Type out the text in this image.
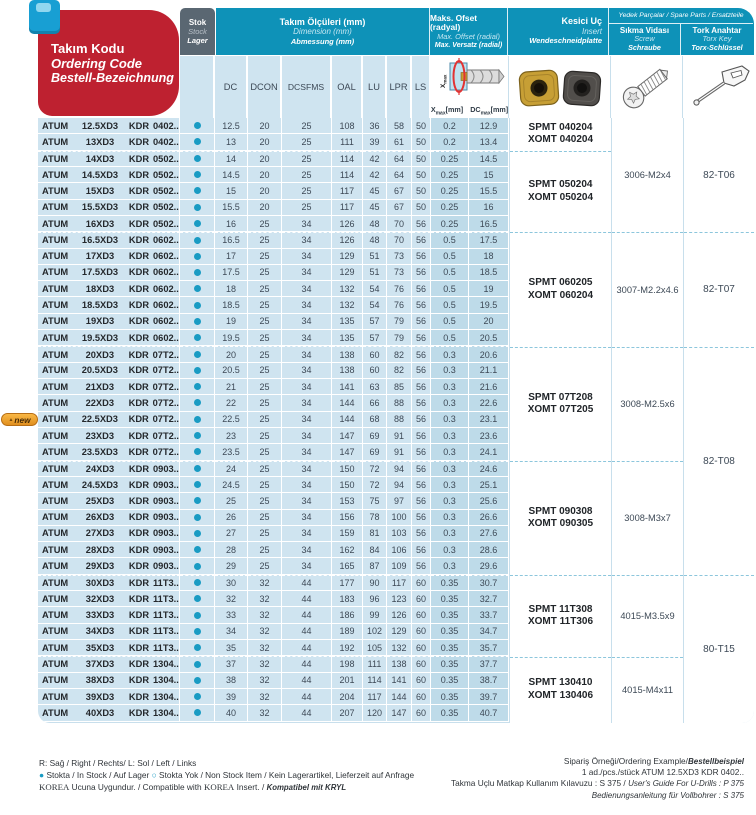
▲ new
Takım Kodu
Ordering Code
Bestell-Bezeichnung
Stok
Stock
Lager
Takım Ölçüleri (mm)
Dimension (mm)
Abmessung (mm)
Maks. Ofset (radyal)
Max. Offset (radial)
Max. Versatz (radial)
Kesici Uç
Insert
Wendeschneidplatte
Yedek Parçalar / Spare Parts / Ersatzteile
Sıkma Vidası
Screw
Schraube
Tork Anahtar
Torx Key
Torx-Schlüssel
DC	DCON	DCSFMS	OAL	LU	LPR LS	$X_{max}$
$X_{max}[mm]$ $DC_{max}[mm]$
ATUM	12.5XD3	KDR 0402..	12.5	20	25	108	36	58	50	0.2	12.9
ATUM	13XD3	KDR 0402..	13	20	25	111	39	61	50	0.2	13.4
ATUM	14XD3	KDR 0502..	14	20	25	114	42	64	50	0.25	14.5
ATUM	14.5XD3	KDR 0502..	14.5	20	25	114	42	64	50	0.25	15
ATUM	15XD3	KDR 0502..	15	20	25	117	45	67	50	0.25	15.5
ATUM	15.5XD3	KDR 0502..	15.5	20	25	117	45	67	50	0.25	16
ATUM	16XD3	KDR 0502..	16	25	34	126	48	70	56	0.25	16.5
ATUM	16.5XD3	KDR 0602..	16.5	25	34	126	48	70	56	0.5	17.5
ATUM	17XD3	KDR 0602..	17	25	34	129	51	73	56	0.5	18
ATUM	17.5XD3	KDR 0602..	17.5	25	34	129	51	73	56	0.5	18.5
ATUM	18XD3	KDR 0602..	18	25	34	132	54	76	56	0.5	19
ATUM	18.5XD3	KDR 0602..	18.5	25	34	132	54	76	56	0.5	19.5
ATUM	19XD3	KDR 0602..	19	25	34	135	57	79	56	0.5	20
ATUM	19.5XD3	KDR 0602..	19.5	25	34	135	57	79	56	0.5	20.5
ATUM	20XD3	KDR 07T2..	20	25	34	138	60	82	56	0.3	20.6
ATUM	20.5XD3	KDR 07T2..	20.5	25	34	138	60	82	56	0.3	21.1
ATUM	21XD3	KDR 07T2..	21	25	34	141	63	85	56	0.3	21.6
ATUM	22XD3	KDR 07T2..	22	25	34	144	66	88	56	0.3	22.6
ATUM	22.5XD3	KDR 07T2..	22.5	25	34	144	68	88	56	0.3	23.1
ATUM	23XD3	KDR 07T2..	23	25	34	147	69	91	56	0.3	23.6
ATUM	23.5XD3	KDR 07T2..	23.5	25	34	147	69	91	56	0.3	24.1
ATUM	24XD3	KDR 0903..	24	25	34	150	72	94	56	0.3	24.6
ATUM	24.5XD3	KDR 0903..	24.5	25	34	150	72	94	56	0.3	25.1
ATUM	25XD3	KDR 0903..	25	25	34	153	75	97	56	0.3	25.6
ATUM	26XD3	KDR 0903..	26	25	34	156	78	100	56	0.3	26.6
ATUM	27XD3	KDR 0903..	27	25	34	159	81	103	56	0.3	27.6
ATUM	28XD3	KDR 0903..	28	25	34	162	84	106	56	0.3	28.6
ATUM	29XD3	KDR 0903..	29	25	34	165	87	109	56	0.3	29.6
ATUM	30XD3	KDR 11T3..	30	32	44	177	90	117	60	0.35	30.7
ATUM	32XD3	KDR 11T3..	32	32	44	183	96	123	60	0.35	32.7
ATUM	33XD3	KDR 11T3..	33	32	44	186	99	126	60	0.35	33.7
ATUM	34XD3	KDR 11T3..	34	32	44	189	102	129	60	0.35	34.7
ATUM	35XD3	KDR 11T3..	35	32	44	192	105	132	60	0.35	35.7
ATUM	37XD3	KDR 1304..	37	32	44	198	111	138	60	0.35	37.7
ATUM	38XD3	KDR 1304..	38	32	44	201	114	141	60	0.35	38.7
ATUM	39XD3	KDR 1304..	39	32	44	204	117	144	60	0.35	39.7
ATUM	40XD3	KDR 1304..	40	32	44	207	120	147	60	0.35	40.7
SPMT 040204
XOMT 040204
SPMT 050204
XOMT 050204
SPMT 060205
XOMT 060204
SPMT 07T208
XOMT 07T205
SPMT 090308
XOMT 090305
SPMT 11T308
XOMT 11T306
SPMT 130410
XOMT 130406
3006-M2x4
3007-M2.2x4.6
3008-M2.5x6
3008-M3x7
4015-M3.5x9
4015-M4x11
82-T06
82-T07
82-T08
80-T15
R: Sağ / Right / Rechts/ L: Sol / Left / Links
● Stokta / In Stock / Auf Lager ○ Stokta Yok / Non Stock Item / Kein Lagerartikel, Lieferzeit auf Anfrage
KOREA Ucuna Uygundur. / Compatible with KOREA Insert. / Kompatibel mit KRYL
Sipariş Örneği/Ordering Example/Bestellbeispiel
1 ad./pcs./stück ATUM 12.5XD3 KDR 0402..
Takma Uçlu Matkap Kullanım Kılavuzu : S 375 / User's Guide For U-Drills : P 375
Bedienungsanleitung für Vollbohrer : S 375
